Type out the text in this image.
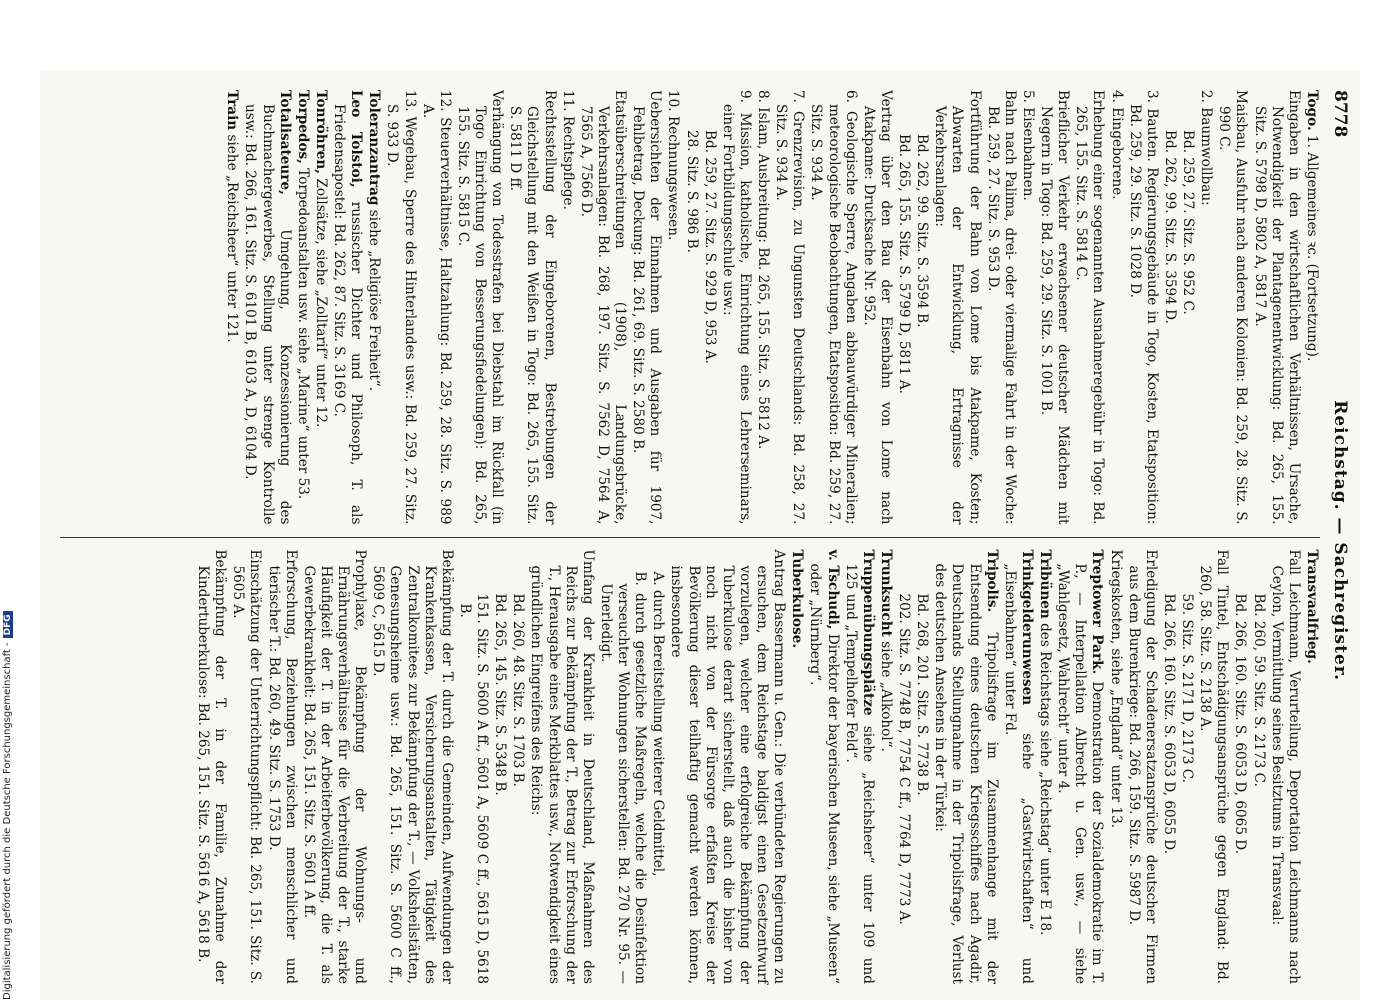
8778
Reichstag. — Sachregister.

Togo. 1. Allgemeines ꝛc. (Fortsetzung).

Eingaben in den wirtschaftlichen Verhältnissen, Ursache, Notwendigkeit der Plantagenentwicklung: Bd. 265, 155. Sitz. S. 5798 D, 5802 A, 5817 A.

Maisbau, Ausfuhr nach anderen Kolonien: Bd. 259, 28. Sitz. S. 990 C.

2. Baumwollbau:

Bd. 259, 27. Sitz. S. 952 C.

Bd. 262, 99. Sitz. S. 3594 D.

3. Bauten. Regierungsgebäude in Togo, Kosten, Etatsposition: Bd. 259, 29. Sitz. S. 1028 D.

4. Eingeborene.

Erhebung einer sogenannten Ausnahmeregebühr in Togo: Bd. 265, 155. Sitz. S. 5814 C.

Brieflicher Verkehr erwachsener deutscher Mädchen mit Negern in Togo: Bd. 259, 29. Sitz. S. 1001 B.

5. Eisenbahnen.

Bahn nach Palima, drei- oder viermalige Fahrt in der Woche: Bd. 259, 27. Sitz. S. 953 D.

Fortführung der Bahn von Lome bis Atakpame, Kosten; Abwarten der Entwicklung, Ertragnisse der Verkehrsanlagen:

Bd. 262, 99. Sitz. S. 3594 B.

Bd. 265, 155. Sitz. S. 5799 D, 5811 A.

Vertrag über den Bau der Eisenbahn von Lome nach Atakpame: Drucksache Nr. 952.

6. Geologische Sperre, Angaben abbauwürdiger Mineralien; meteorologische Beobachtungen, Etatsposition: Bd. 259, 27. Sitz. S. 934 A.

7. Grenzrevision, zu Ungunsten Deutschlands: Bd. 258, 27. Sitz. S. 934 A.

8. Islam, Ausbreitung: Bd. 265, 155. Sitz. S. 5812 A.

9. Mission, katholische, Einrichtung eines Lehrerseminars, einer Fortbildungsschule usw.:

Bd. 259, 27. Sitz. S. 929 D, 953 A.

28. Sitz. S. 986 B.

10. Rechnungswesen.

Uebersichten der Einnahmen und Ausgaben für 1907, Fehlbetrag, Deckung: Bd. 261, 69. Sitz. S. 2580 B.

Etatsüberschreitungen (1908), Landungsbrücke, Verkehrsanlagen: Bd. 268, 197. Sitz. S. 7562 D, 7564 A, 7565 A, 7566 D.

11. Rechtspflege.

Rechtsstellung der Eingeborenen, Bestrebungen der Gleichstellung mit den Weißen in Togo: Bd. 265, 155. Sitz. S. 5811 D ff.

Verhängung von Todesstrafen bei Diebstahl im Rückfall (in Togo Einrichtung von Besserungsfiedelungen): Bd. 265, 155. Sitz. S. 5815 C.

12. Steuerverhältnisse, Haltzahlung: Bd. 259, 28. Sitz. S. 989 A.

13. Wegebau, Sperre des Hinterlandes usw.: Bd. 259, 27. Sitz. S. 933 D.

Toleranzantrag siehe „Religiöse Freiheit“.

Leo Tolstoi, russischer Dichter und Philosoph, T. als Friedensapostel: Bd. 262, 87. Sitz. S. 3169 C.

Tonröhren, Zollsätze, siehe „Zolltarif“ unter 12.

Torpedos, Torpedoanstalten usw. siehe „Marine“ unter 53.

Totalisateure, Umgehung, Konzessionierung des Buchmachergewerbes, Stellung unter strenge Kontrolle usw.: Bd. 266, 161. Sitz. S. 6101 B, 6103 A, D, 6104 D.

Train siehe „Reichsheer“ unter 121.

Transvaalfrieg.

Fall Leichmann, Verurteilung, Deportation Leichmanns nach Ceylon, Vermittlung seines Besitztums in Transvaal:

Bd. 260, 59. Sitz. S. 2173 C.

Bd. 266, 160. Sitz. S. 6053 D, 6065 D.

Fall Tintel, Entschädigungsansprüche gegen England: Bd. 260, 58. Sitz. S. 2138 A.

59. Sitz. S. 2171 D, 2173 C.

Bd. 266, 160. Sitz. S. 6053 D, 6055 D.

Erledigung der Schadenersatzansprüche deutscher Firmen aus dem Burenkriege: Bd. 266, 159. Sitz. S. 5987 D.

Kriegskosten, siehe „England“ unter 13.

Treptower Park. Demonstration der Sozialdemokratie im T. P., — Interpellation Albrecht u. Gen. usw., — siehe „Wahlgesetz, Wahlrecht“ unter 4.

Tribünen des Reichstags siehe „Reichstag“ unter E 18.

Trinkgelderunwesen siehe „Gastwirtschaften“ und „Eisenbahnen“ unter Fd.

Tripolis. Tripolisfrage im Zusammenhange mit der Entsendung eines deutschen Kriegsschiffes nach Agadir, Deutschlands Stellungnahme in der Tripolisfrage, Verlust des deutschen Ansehens in der Türkei:

Bd. 268, 201. Sitz. S. 7738 B.

202. Sitz. S. 7748 B, 7754 C ff., 7764 D, 7773 A.

Trunksucht siehe „Alkohol“.

Truppenübungsplätze siehe „Reichsheer“ unter 109 und 125 und „Tempelhofer Feld“.

v. Tschudi, Direktor der bayerischen Museen, siehe „Museen“ oder „Nürnberg“.

Tuberkulose.

Antrag Bassermann u. Gen.: Die verbündeten Regierungen zu ersuchen, dem Reichstage baldigst einen Gesetzentwurf vorzulegen, welcher eine erfolgreiche Bekämpfung der Tuberkulose derart sicherstellt, daß auch die bisher von noch nicht von der Fürsorge erfaßten Kreise der Bevölkerung dieser teilhaftig gemacht werden können, insbesondere

A. durch Bereitstellung weiterer Geldmittel,

B. durch gesetzliche Maßregeln, welche die Desinfektion verseuchter Wohnungen sicherstellen: Bd. 270 Nr. 95. — Unerledigt.

Umfang der Krankheit in Deutschland, Maßnahmen des Reichs zur Bekämpfung der T., Betrag zur Erforschung der T., Herausgabe eines Merkblattes usw., Notwendigkeit eines gründlichen Eingreifens des Reichs:

Bd. 260, 48. Sitz. S. 1703 B.

Bd. 265, 145. Sitz. S. 5348 B.

151. Sitz. S. 5600 A ff., 5601 A, 5609 C ff., 5615 D, 5618 B.

Bekämpfung der T. durch die Gemeinden, Aufwendungen der Krankenkassen, Versicherungsanstalten, Tätigkeit des Zentralkomitees zur Bekämpfung der T., — Volksheilstätten, Genesungsheime usw.: Bd. 265, 151. Sitz. S. 5600 C ff., 5609 C, 5615 D.

Prophylaxe, Bekämpfung der Wohnungs- und Ernährungsverhältnisse für die Verbreitung der T., starke Häufigkeit der T. in der Arbeiterbevölkerung, die T. als Gewerbekrankheit: Bd. 265, 151. Sitz. S. 5601 A ff.

Erforschung, Beziehungen zwischen menschlicher und tierischer T.: Bd. 260, 49. Sitz. S. 1753 D.

Einschätzung der Unterrichtungspflicht: Bd. 265, 151. Sitz. S. 5605 A.

Bekämpfung der T. in der Familie, Zunahme der Kindertuberkulose: Bd. 265, 151. Sitz. S. 5616 A, 5618 B.

Digitalisierung gefördert durch die Deutsche Forschungsgemeinschaft -DFG
